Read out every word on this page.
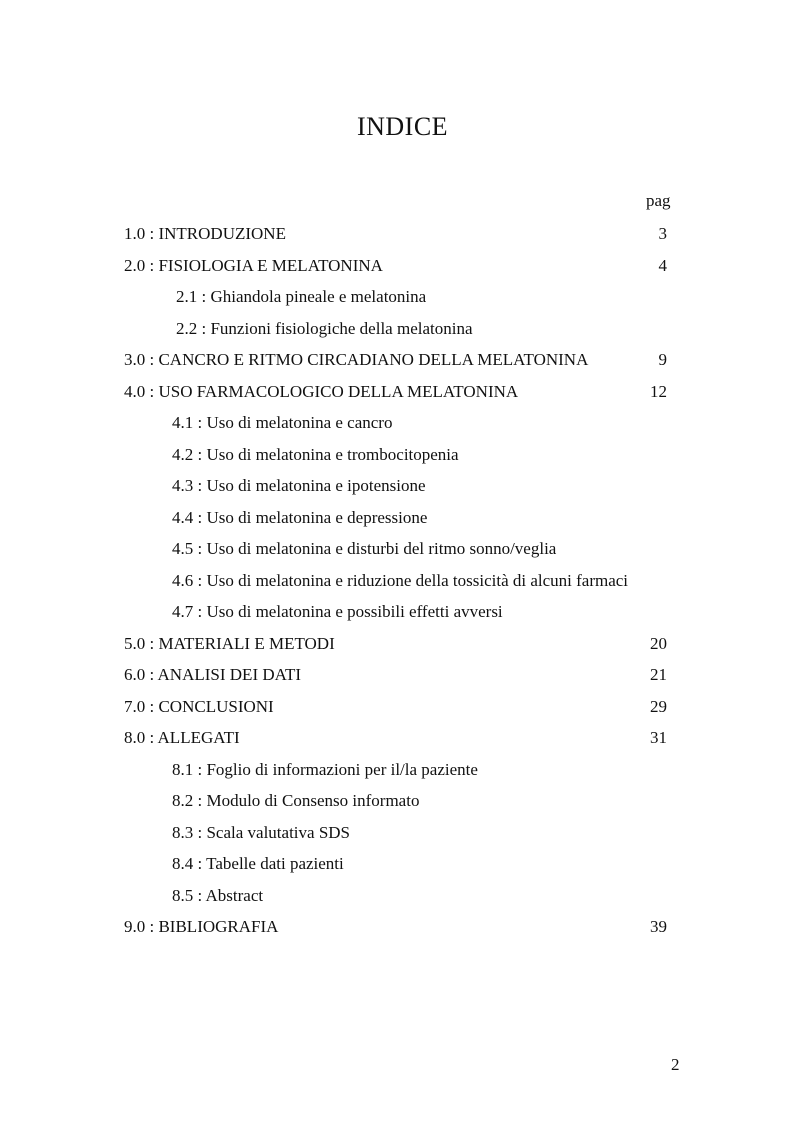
INDICE
pag
1.0 : INTRODUZIONE	3
2.0 : FISIOLOGIA E MELATONINA	4
2.1 : Ghiandola pineale e melatonina
2.2 : Funzioni fisiologiche della melatonina
3.0 : CANCRO E RITMO CIRCADIANO DELLA MELATONINA	9
4.0 : USO FARMACOLOGICO DELLA MELATONINA	12
4.1 : Uso di melatonina e cancro
4.2 : Uso di melatonina e trombocitopenia
4.3 : Uso di melatonina e ipotensione
4.4 : Uso di melatonina e depressione
4.5 : Uso di melatonina e disturbi del ritmo sonno/veglia
4.6 : Uso di melatonina e riduzione della tossicità di alcuni farmaci
4.7 : Uso di melatonina e possibili effetti avversi
5.0 : MATERIALI E METODI	20
6.0 : ANALISI DEI DATI	21
7.0 : CONCLUSIONI	29
8.0 : ALLEGATI	31
8.1 : Foglio di informazioni per il/la paziente
8.2 : Modulo di Consenso informato
8.3 : Scala valutativa SDS
8.4 : Tabelle dati pazienti
8.5 : Abstract
9.0 : BIBLIOGRAFIA	39
2
